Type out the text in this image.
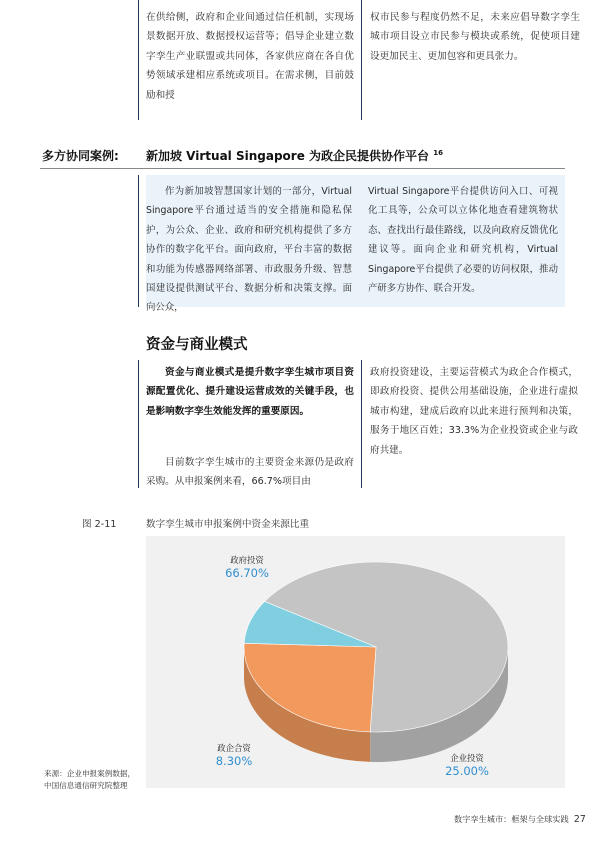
在供给侧，政府和企业间通过信任机制，实现场景数据开放、数据授权运营等；倡导企业建立数字孪生产业联盟或共同体，各家供应商在各自优势领域承建相应系统或项目。在需求侧，目前鼓励和授
权市民参与程度仍然不足，未来应倡导数字孪生城市项目设立市民参与模块或系统，促使项目建设更加民主、更加包容和更具张力。
多方协同案例: 新加坡 Virtual Singapore 为政企民提供协作平台 $^{16}$
作为新加坡智慧国家计划的一部分，Virtual Singapore平台通过适当的安全措施和隐私保护，为公众、企业、政府和研究机构提供了多方协作的数字化平台。面向政府，平台丰富的数据和功能为传感器网络部署、市政服务升级、智慧国建设提供测试平台、数据分析和决策支撑。面向公众，
Virtual Singapore平台提供访问入口、可视化工具等，公众可以立体化地查看建筑物状态、查找出行最佳路线，以及向政府反馈优化建议等。面向企业和研究机构，Virtual Singapore平台提供了必要的访问权限，推动产研多方协作、联合开发。
资金与商业模式
资金与商业模式是提升数字孪生城市项目资源配置优化、提升建设运营成效的关键手段，也是影响数字孪生效能发挥的重要原因。
目前数字孪生城市的主要资金来源仍是政府采购。从申报案例来看，66.7%项目由
政府投资建设，主要运营模式为政企合作模式，即政府投资、提供公用基础设施，企业进行虚拟城市构建，建成后政府以此来进行预判和决策，服务于地区百姓；33.3%为企业投资或企业与政府共建。
图 2-11	数字孪生城市申报案例中资金来源比重
政府投资
66.70%
政企合资
8.30%	企业投资
25.00%
来源：企业申报案例数据，
中国信息通信研究院整理
数字孪生城市：框架与全球实践 27
